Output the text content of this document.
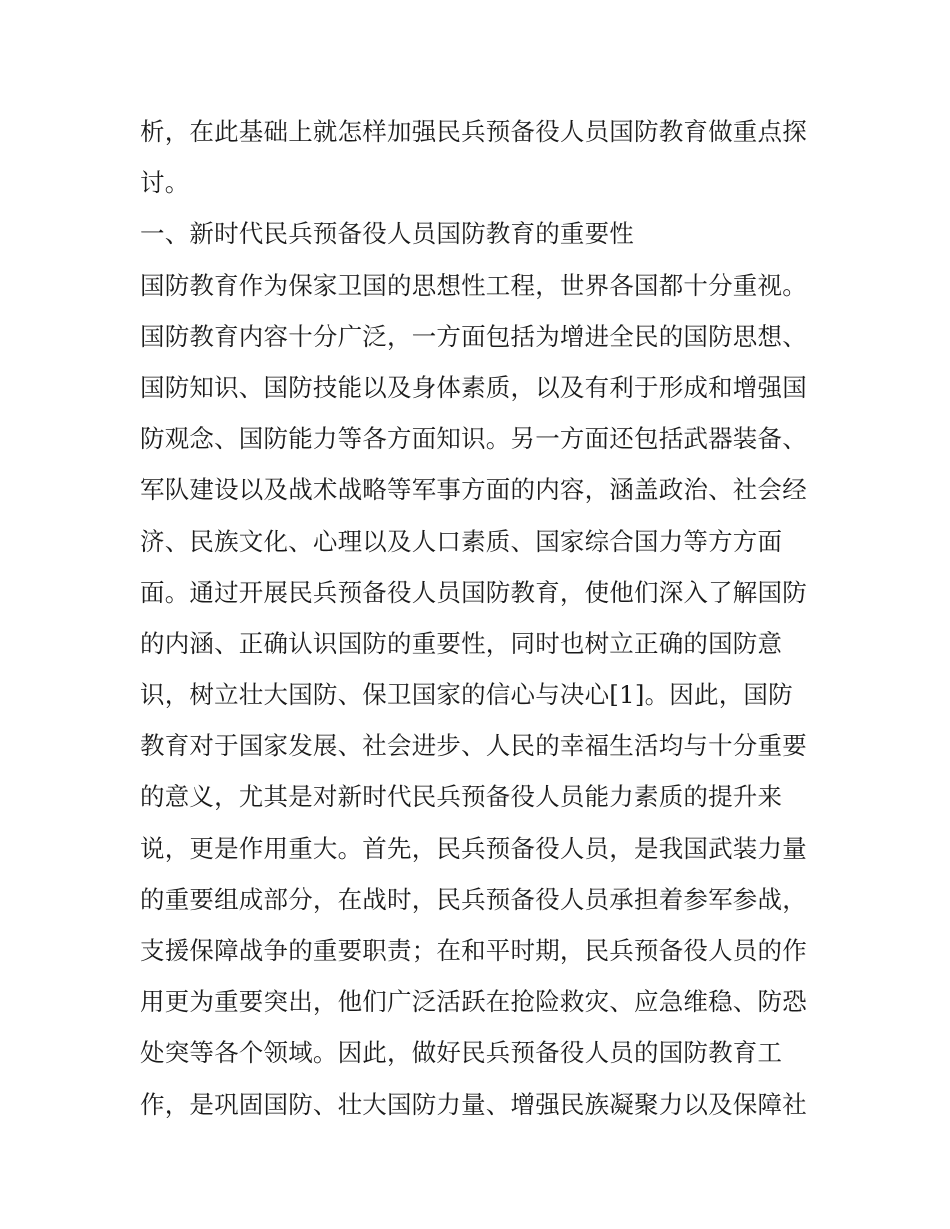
析，在此基础上就怎样加强民兵预备役人员国防教育做重点探
讨。
一、新时代民兵预备役人员国防教育的重要性
国防教育作为保家卫国的思想性工程，世界各国都十分重视。
国防教育内容十分广泛，一方面包括为增进全民的国防思想、
国防知识、国防技能以及身体素质，以及有利于形成和增强国
防观念、国防能力等各方面知识。另一方面还包括武器装备、
军队建设以及战术战略等军事方面的内容，涵盖政治、社会经
济、民族文化、心理以及人口素质、国家综合国力等方方面
面。通过开展民兵预备役人员国防教育，使他们深入了解国防
的内涵、正确认识国防的重要性，同时也树立正确的国防意
识，树立壮大国防、保卫国家的信心与决心[1]。因此，国防
教育对于国家发展、社会进步、人民的幸福生活均与十分重要
的意义，尤其是对新时代民兵预备役人员能力素质的提升来
说，更是作用重大。首先，民兵预备役人员，是我国武装力量
的重要组成部分，在战时，民兵预备役人员承担着参军参战，
支援保障战争的重要职责；在和平时期，民兵预备役人员的作
用更为重要突出，他们广泛活跃在抢险救灾、应急维稳、防恐
处突等各个领域。因此，做好民兵预备役人员的国防教育工
作，是巩固国防、壮大国防力量、增强民族凝聚力以及保障社
